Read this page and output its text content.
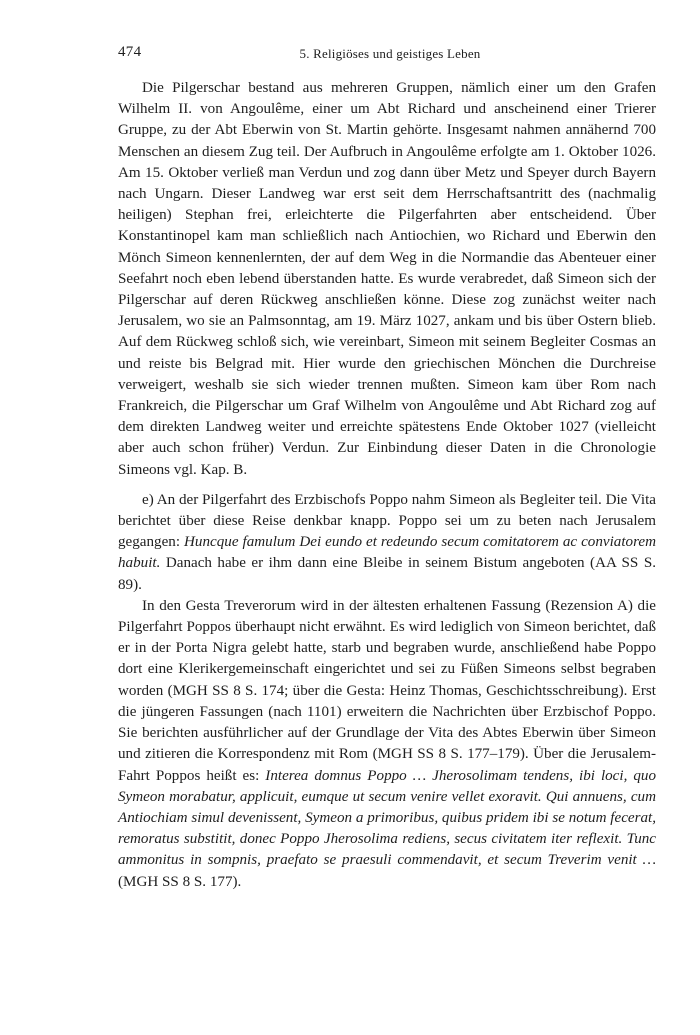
474	5. Religiöses und geistiges Leben

Die Pilgerschar bestand aus mehreren Gruppen, nämlich einer um den Grafen Wilhelm II. von Angoulême, einer um Abt Richard und anscheinend einer Trierer Gruppe, zu der Abt Eberwin von St. Martin gehörte. Insgesamt nahmen annähernd 700 Menschen an diesem Zug teil. Der Aufbruch in Angoulême erfolgte am 1. Oktober 1026. Am 15. Oktober verließ man Verdun und zog dann über Metz und Speyer durch Bayern nach Ungarn. Dieser Landweg war erst seit dem Herrschaftsantritt des (nachmalig heiligen) Stephan frei, erleichterte die Pilgerfahrten aber entscheidend. Über Konstantinopel kam man schließlich nach Antiochien, wo Richard und Eberwin den Mönch Simeon kennenlernten, der auf dem Weg in die Normandie das Abenteuer einer Seefahrt noch eben lebend überstanden hatte. Es wurde verabredet, daß Simeon sich der Pilgerschar auf deren Rückweg anschließen könne. Diese zog zunächst weiter nach Jerusalem, wo sie an Palmsonntag, am 19. März 1027, ankam und bis über Ostern blieb. Auf dem Rückweg schloß sich, wie vereinbart, Simeon mit seinem Begleiter Cosmas an und reiste bis Belgrad mit. Hier wurde den griechischen Mönchen die Durchreise verweigert, weshalb sie sich wieder trennen mußten. Simeon kam über Rom nach Frankreich, die Pilgerschar um Graf Wilhelm von Angoulême und Abt Richard zog auf dem direkten Landweg weiter und erreichte spätestens Ende Oktober 1027 (vielleicht aber auch schon früher) Verdun. Zur Einbindung dieser Daten in die Chronologie Simeons vgl. Kap. B.

e) An der Pilgerfahrt des Erzbischofs Poppo nahm Simeon als Begleiter teil. Die Vita berichtet über diese Reise denkbar knapp. Poppo sei um zu beten nach Jerusalem gegangen: Huncque famulum Dei eundo et redeundo secum comitatorem ac conviatorem habuit. Danach habe er ihm dann eine Bleibe in seinem Bistum angeboten (AA SS S. 89).

In den Gesta Treverorum wird in der ältesten erhaltenen Fassung (Rezension A) die Pilgerfahrt Poppos überhaupt nicht erwähnt. Es wird lediglich von Simeon berichtet, daß er in der Porta Nigra gelebt hatte, starb und begraben wurde, anschließend habe Poppo dort eine Klerikergemeinschaft eingerichtet und sei zu Füßen Simeons selbst begraben worden (MGH SS 8 S. 174; über die Gesta: Heinz Thomas, Geschichtsschreibung). Erst die jüngeren Fassungen (nach 1101) erweitern die Nachrichten über Erzbischof Poppo. Sie berichten ausführlicher auf der Grundlage der Vita des Abtes Eberwin über Simeon und zitieren die Korrespondenz mit Rom (MGH SS 8 S. 177–179). Über die Jerusalem-Fahrt Poppos heißt es: Interea domnus Poppo … Jherosolimam tendens, ibi loci, quo Symeon morabatur, applicuit, eumque ut secum venire vellet exoravit. Qui annuens, cum Antiochiam simul devenissent, Symeon a primoribus, quibus pridem ibi se notum fecerat, remoratus substitit, donec Poppo Jherosolima rediens, secus civitatem iter reflexit. Tunc ammonitus in sompnis, praefato se praesuli commendavit, et secum Treverim venit … (MGH SS 8 S. 177).
